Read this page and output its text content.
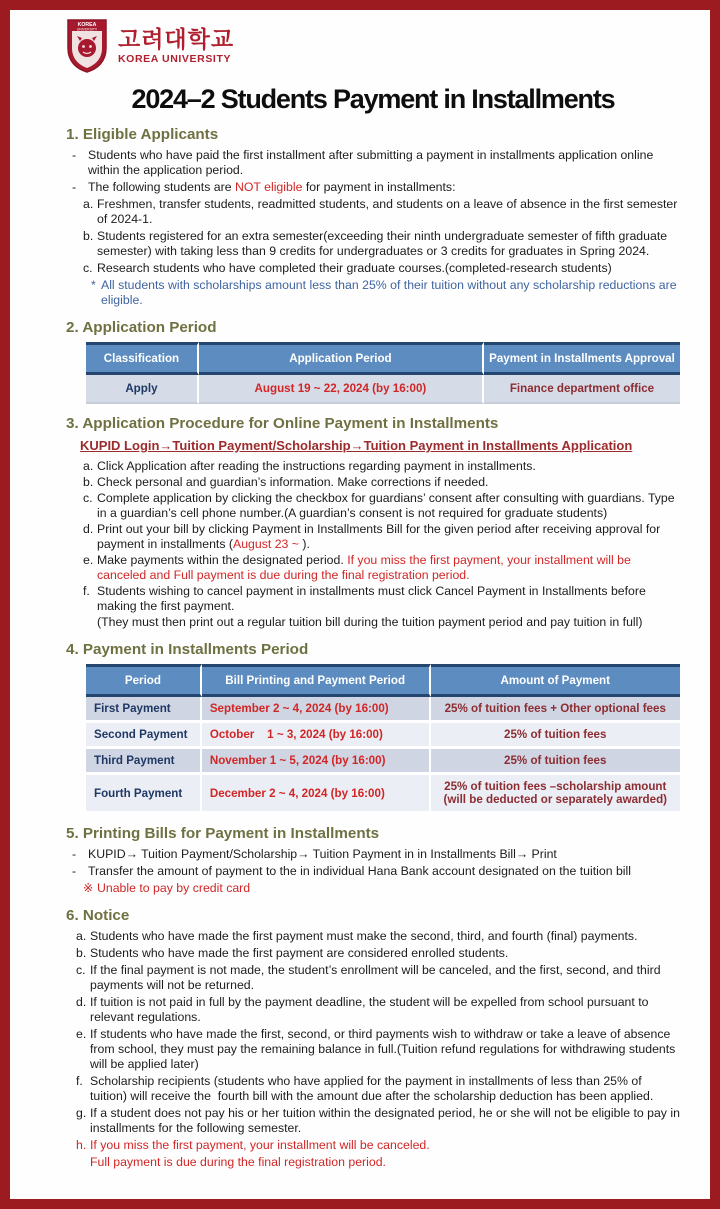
KOREA
UNIVERSITY 고려대학교
KOREA UNIVERSITY
2024–2 Students Payment in Installments
1. Eligible Applicants
- Students who have paid the first installment after submitting a payment in installments application online within the application period.
- The following students are NOT eligible for payment in installments:
a. Freshmen, transfer students, readmitted students, and students on a leave of absence in the first semester of 2024-1.
b. Students registered for an extra semester(exceeding their ninth undergraduate semester of fifth graduate semester) with taking less than 9 credits for undergraduates or 3 credits for graduates in Spring 2024.
c. Research students who have completed their graduate courses.(completed-research students)
* All students with scholarships amount less than 25% of their tuition without any scholarship reductions are eligible.
2. Application Period
Classification	Application Period	Payment in Installments Approval
Apply	August 19 ~ 22, 2024 (by 16:00)	Finance department office
3. Application Procedure for Online Payment in Installments
KUPID Login→Tuition Payment/Scholarship→Tuition Payment in Installments Application
a. Click Application after reading the instructions regarding payment in installments.
b. Check personal and guardian’s information. Make corrections if needed.
c. Complete application by clicking the checkbox for guardians’ consent after consulting with guardians. Type in a guardian’s cell phone number.(A guardian’s consent is not required for graduate students)
d. Print out your bill by clicking Payment in Installments Bill for the given period after receiving approval for payment in installments (August 23 ~ ).
e. Make payments within the designated period. If you miss the first payment, your installment will be canceled and Full payment is due during the final registration period.
f. Students wishing to cancel payment in installments must click Cancel Payment in Installments before making the first payment.
(They must then print out a regular tuition bill during the tuition payment period and pay tuition in full)
4. Payment in Installments Period
Period	Bill Printing and Payment Period	Amount of Payment
First Payment	September 2 ~ 4, 2024 (by 16:00)	25% of tuition fees + Other optional fees
Second Payment	October    1 ~ 3, 2024 (by 16:00)	25% of tuition fees
Third Payment	November 1 ~ 5, 2024 (by 16:00)	25% of tuition fees
Fourth Payment	December 2 ~ 4, 2024 (by 16:00)	25% of tuition fees –scholarship amount (will be deducted or separately awarded)
5. Printing Bills for Payment in Installments
- KUPID→ Tuition Payment/Scholarship→ Tuition Payment in in Installments Bill→ Print
- Transfer the amount of payment to the in individual Hana Bank account designated on the tuition bill
※ Unable to pay by credit card
6. Notice
a. Students who have made the first payment must make the second, third, and fourth (final) payments.
b. Students who have made the first payment are considered enrolled students.
c. If the final payment is not made, the student’s enrollment will be canceled, and the first, second, and third payments will not be returned.
d. If tuition is not paid in full by the payment deadline, the student will be expelled from school pursuant to relevant regulations.
e. If students who have made the first, second, or third payments wish to withdraw or take a leave of absence from school, they must pay the remaining balance in full.(Tuition refund regulations for withdrawing students will be applied later)
f. Scholarship recipients (students who have applied for the payment in installments of less than 25% of tuition) will receive the  fourth bill with the amount due after the scholarship deduction has been applied.
g. If a student does not pay his or her tuition within the designated period, he or she will not be eligible to pay in installments for the following semester.
h. If you miss the first payment, your installment will be canceled.
Full payment is due during the final registration period.
